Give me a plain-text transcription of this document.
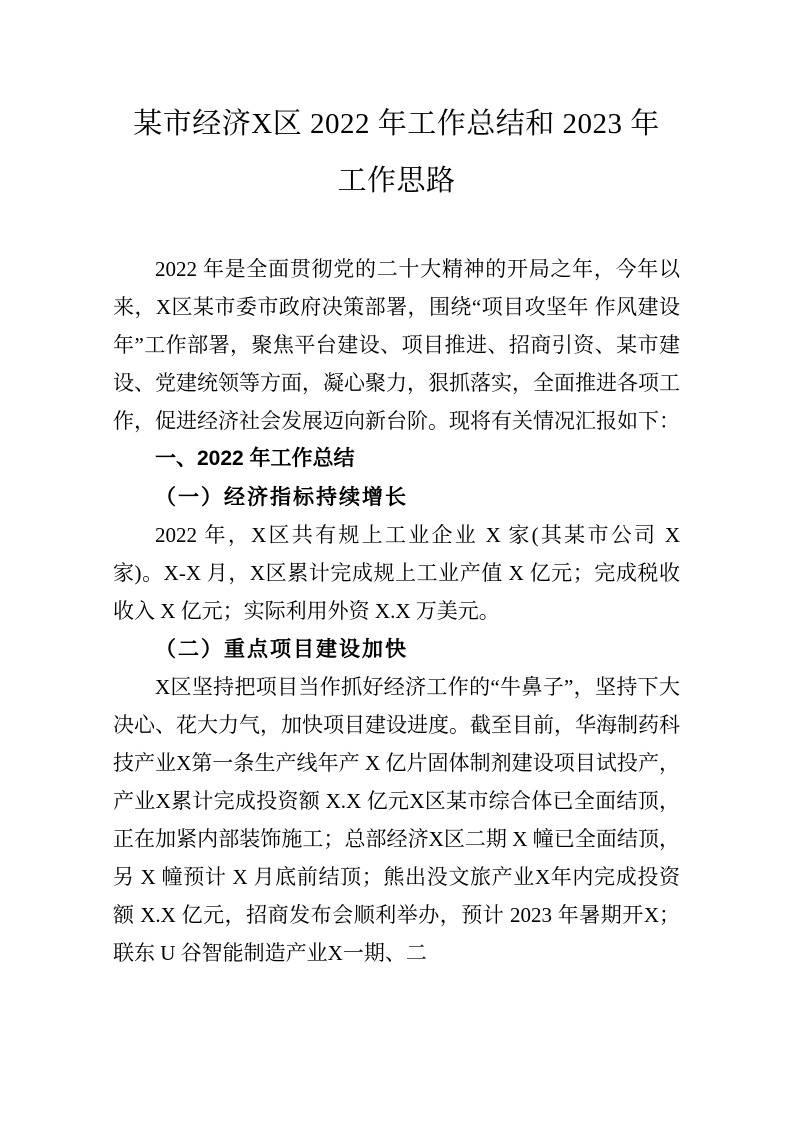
某市经济X区 2022 年工作总结和 2023 年工作思路

2022 年是全面贯彻党的二十大精神的开局之年，今年以来，X区某市委市政府决策部署，围绕“项目攻坚年 作风建设年”工作部署，聚焦平台建设、项目推进、招商引资、某市建设、党建统领等方面，凝心聚力，狠抓落实，全面推进各项工作，促进经济社会发展迈向新台阶。现将有关情况汇报如下：

一、2022 年工作总结
（一）经济指标持续增长

2022 年，X区共有规上工业企业 X 家(其某市公司 X 家)。X-X 月，X区累计完成规上工业产值 X 亿元；完成税收收入 X 亿元；实际利用外资 X.X 万美元。

（二）重点项目建设加快

X区坚持把项目当作抓好经济工作的“牛鼻子”，坚持下大决心、花大力气，加快项目建设进度。截至目前，华海制药科技产业X第一条生产线年产 X 亿片固体制剂建设项目试投产，产业X累计完成投资额 X.X 亿元X区某市综合体已全面结顶，正在加紧内部装饰施工；总部经济X区二期 X 幢已全面结顶，另 X 幢预计 X 月底前结顶；熊出没文旅产业X年内完成投资额 X.X 亿元，招商发布会顺利举办，预计 2023 年暑期开X；联东 U 谷智能制造产业X一期、二
